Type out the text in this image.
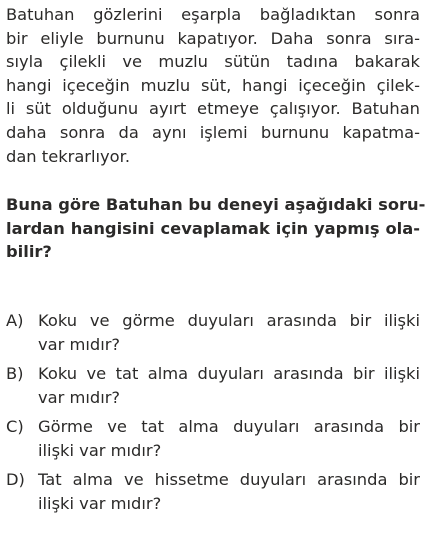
Batuhan gözlerini eşarpla bağladıktan sonra
bir eliyle burnunu kapatıyor. Daha sonra sıra-
sıyla çilekli ve muzlu sütün tadına bakarak
hangi içeceğin muzlu süt, hangi içeceğin çilek-
li süt olduğunu ayırt etmeye çalışıyor. Batuhan
daha sonra da aynı işlemi burnunu kapatma-
dan tekrarlıyor.
Buna göre Batuhan bu deneyi aşağıdaki soru-
lardan hangisini cevaplamak için yapmış ola-
bilir?
A) Koku ve görme duyuları arasında bir ilişki
var mıdır?
B) Koku ve tat alma duyuları arasında bir ilişki
var mıdır?
C) Görme ve tat alma duyuları arasında bir
ilişki var mıdır?
D) Tat alma ve hissetme duyuları arasında bir
ilişki var mıdır?
